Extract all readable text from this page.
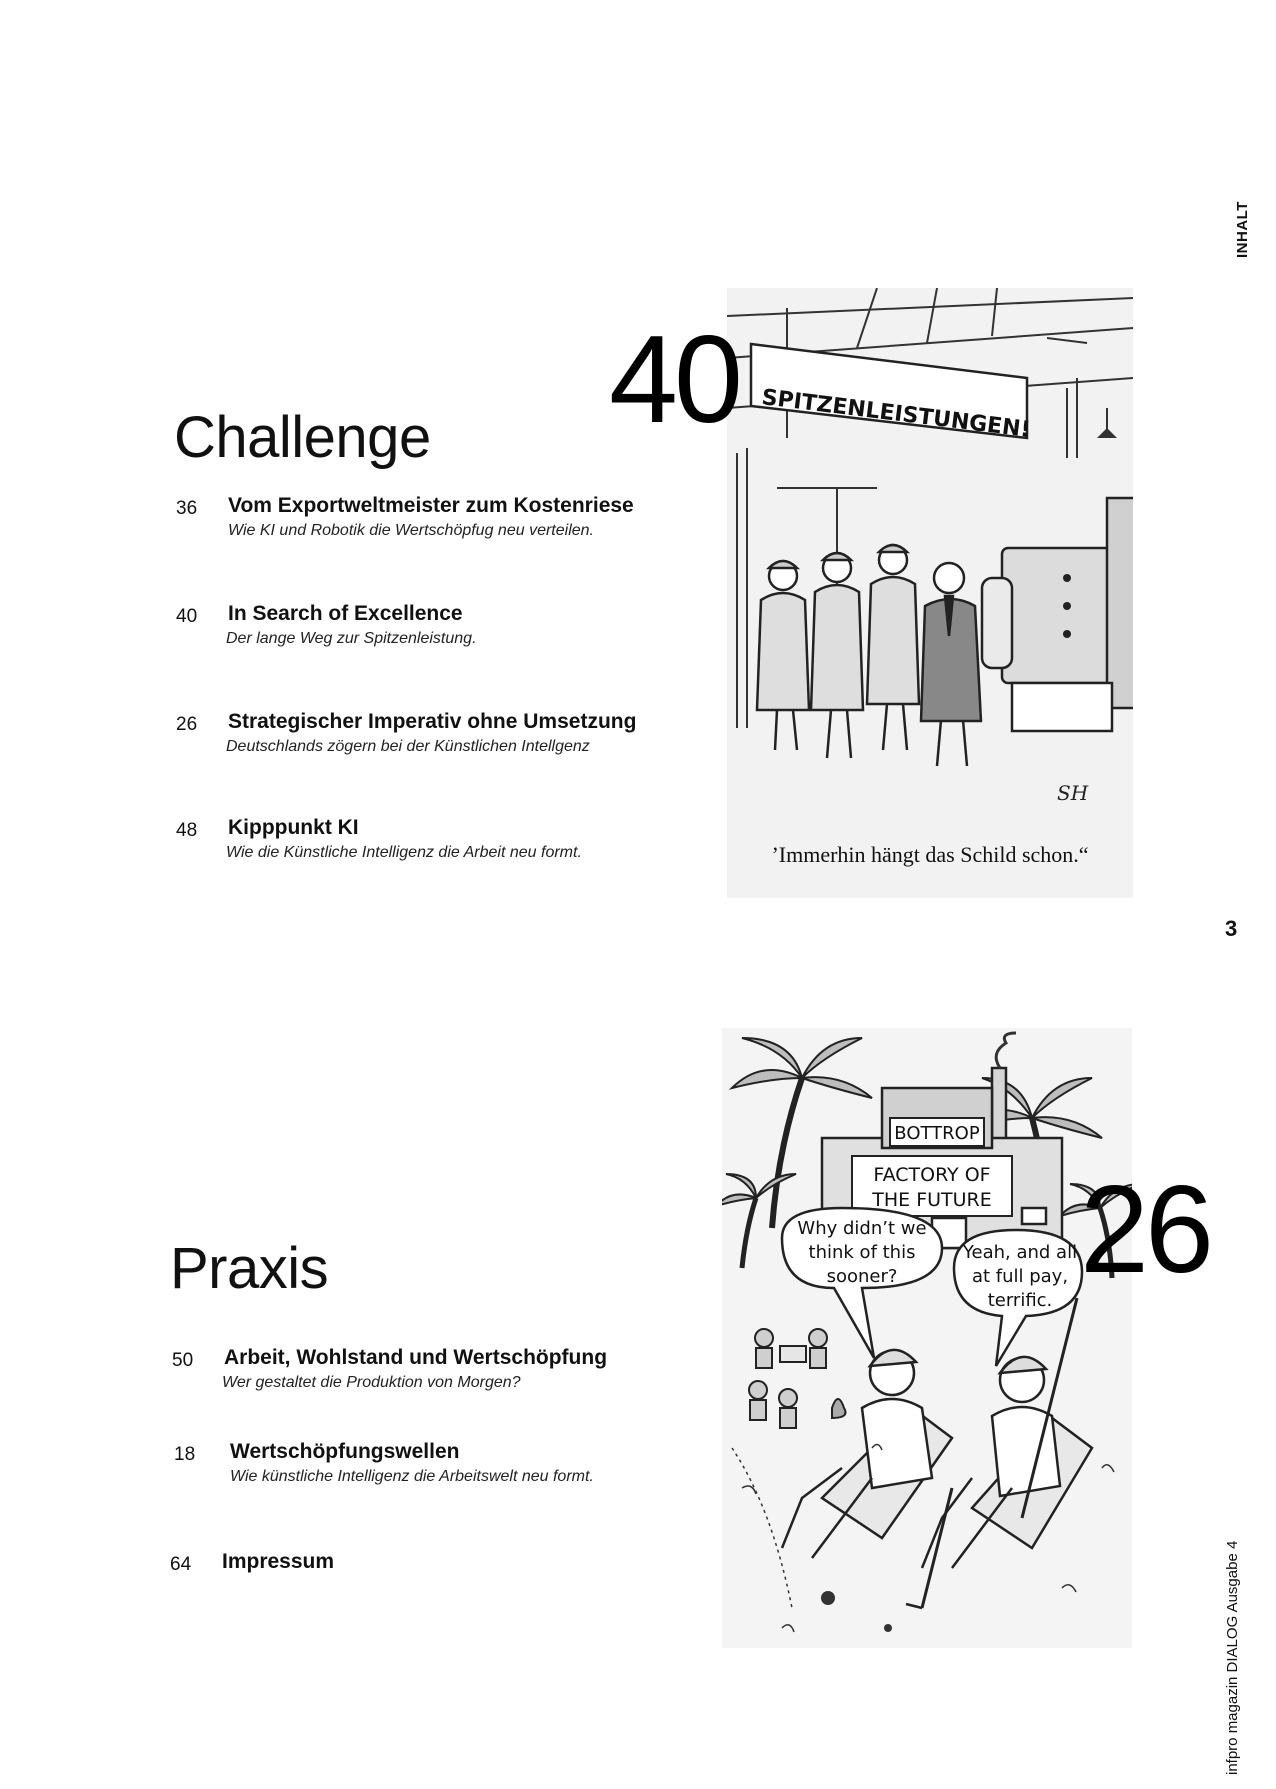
INHALT
3
infpro magazin DIALOG Ausgabe 4
Challenge
36 Vom Exportweltmeister zum Kostenriese
Wie KI und Robotik die Wertschöpfug neu verteilen.
40 In Search of Excellence
Der lange Weg zur Spitzenleistung.
26 Strategischer Imperativ ohne Umsetzung
Deutschlands zögern bei der Künstlichen Intellgenz
48 Kipppunkt KI
Wie die Künstliche Intelligenz die Arbeit neu formt.
SPITZENLEISTUNGEN!
SH
’Immerhin hängt das Schild schon.“
40
Praxis
50 Arbeit, Wohlstand und Wertschöpfung
Wer gestaltet die Produktion von Morgen?
18 Wertschöpfungswellen
Wie künstliche Intelligenz die Arbeitswelt neu formt.
64 Impressum
BOTTROP
FACTORY OF
THE FUTURE
Why didn’t we
think of this
sooner?
Yeah, and all
at full pay,
terrific.
26
